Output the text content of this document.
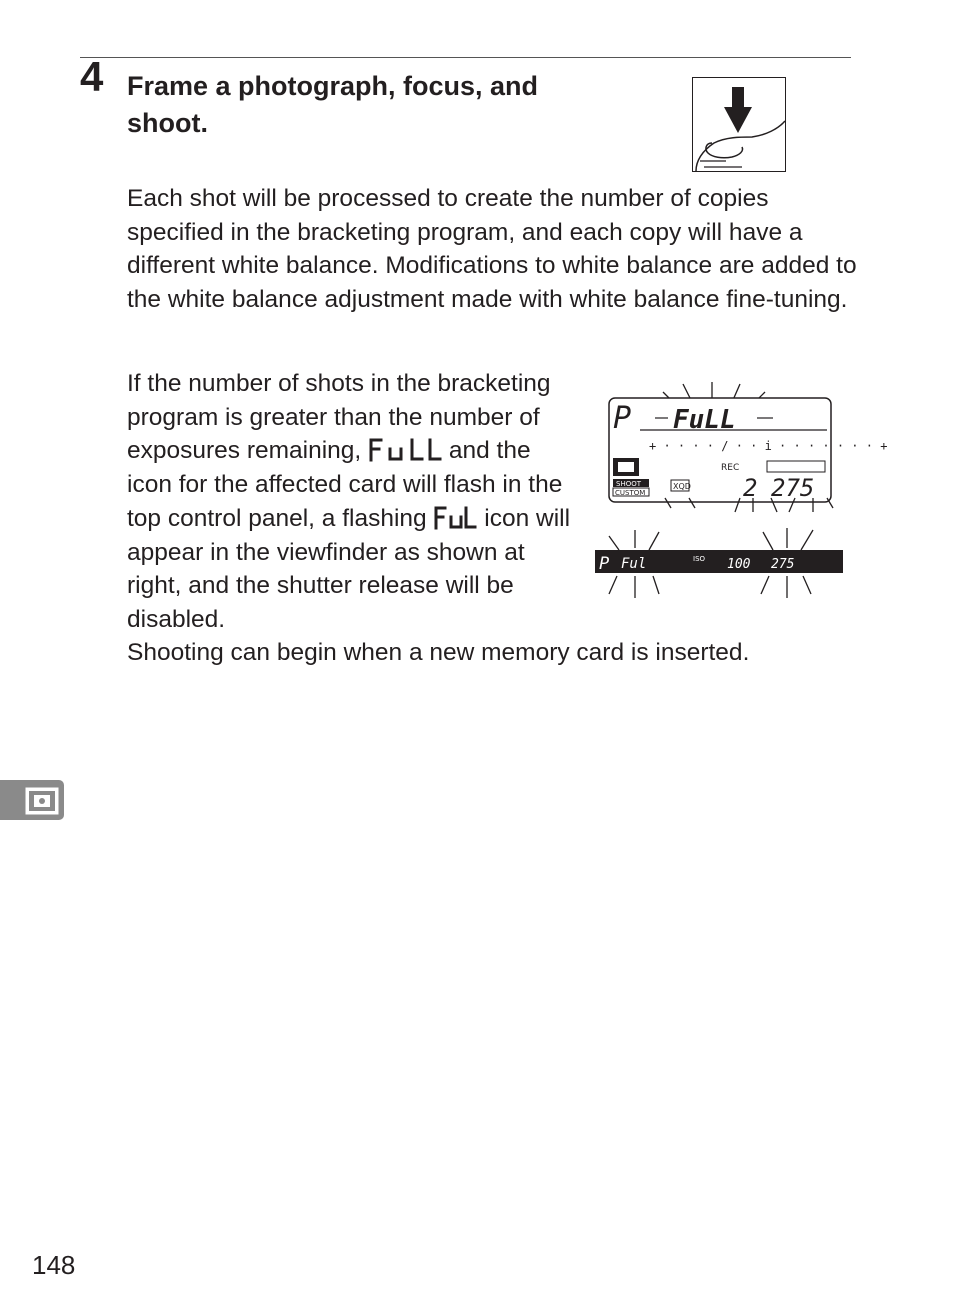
4 Frame a photograph, focus, and shoot.

Each shot will be processed to create the number of copies specified in the bracketing program, and each copy will have a different white balance. Modifications to white balance are added to the white balance adjustment made with white balance fine-tuning.

If the number of shots in the bracketing program is greater than the number of exposures remaining,	and the icon for the affected card will flash in the top control panel, a flashing icon will appear in the viewfinder as shown at right, and the shutter release will be disabled.

Shooting can begin when a new memory card is inserted.

P FuLL
+ · · · · / · · i · · · · · · · +
SHOOT
CUSTOM
XQD
REC
2 275
P Ful	ISO 100 275
148
